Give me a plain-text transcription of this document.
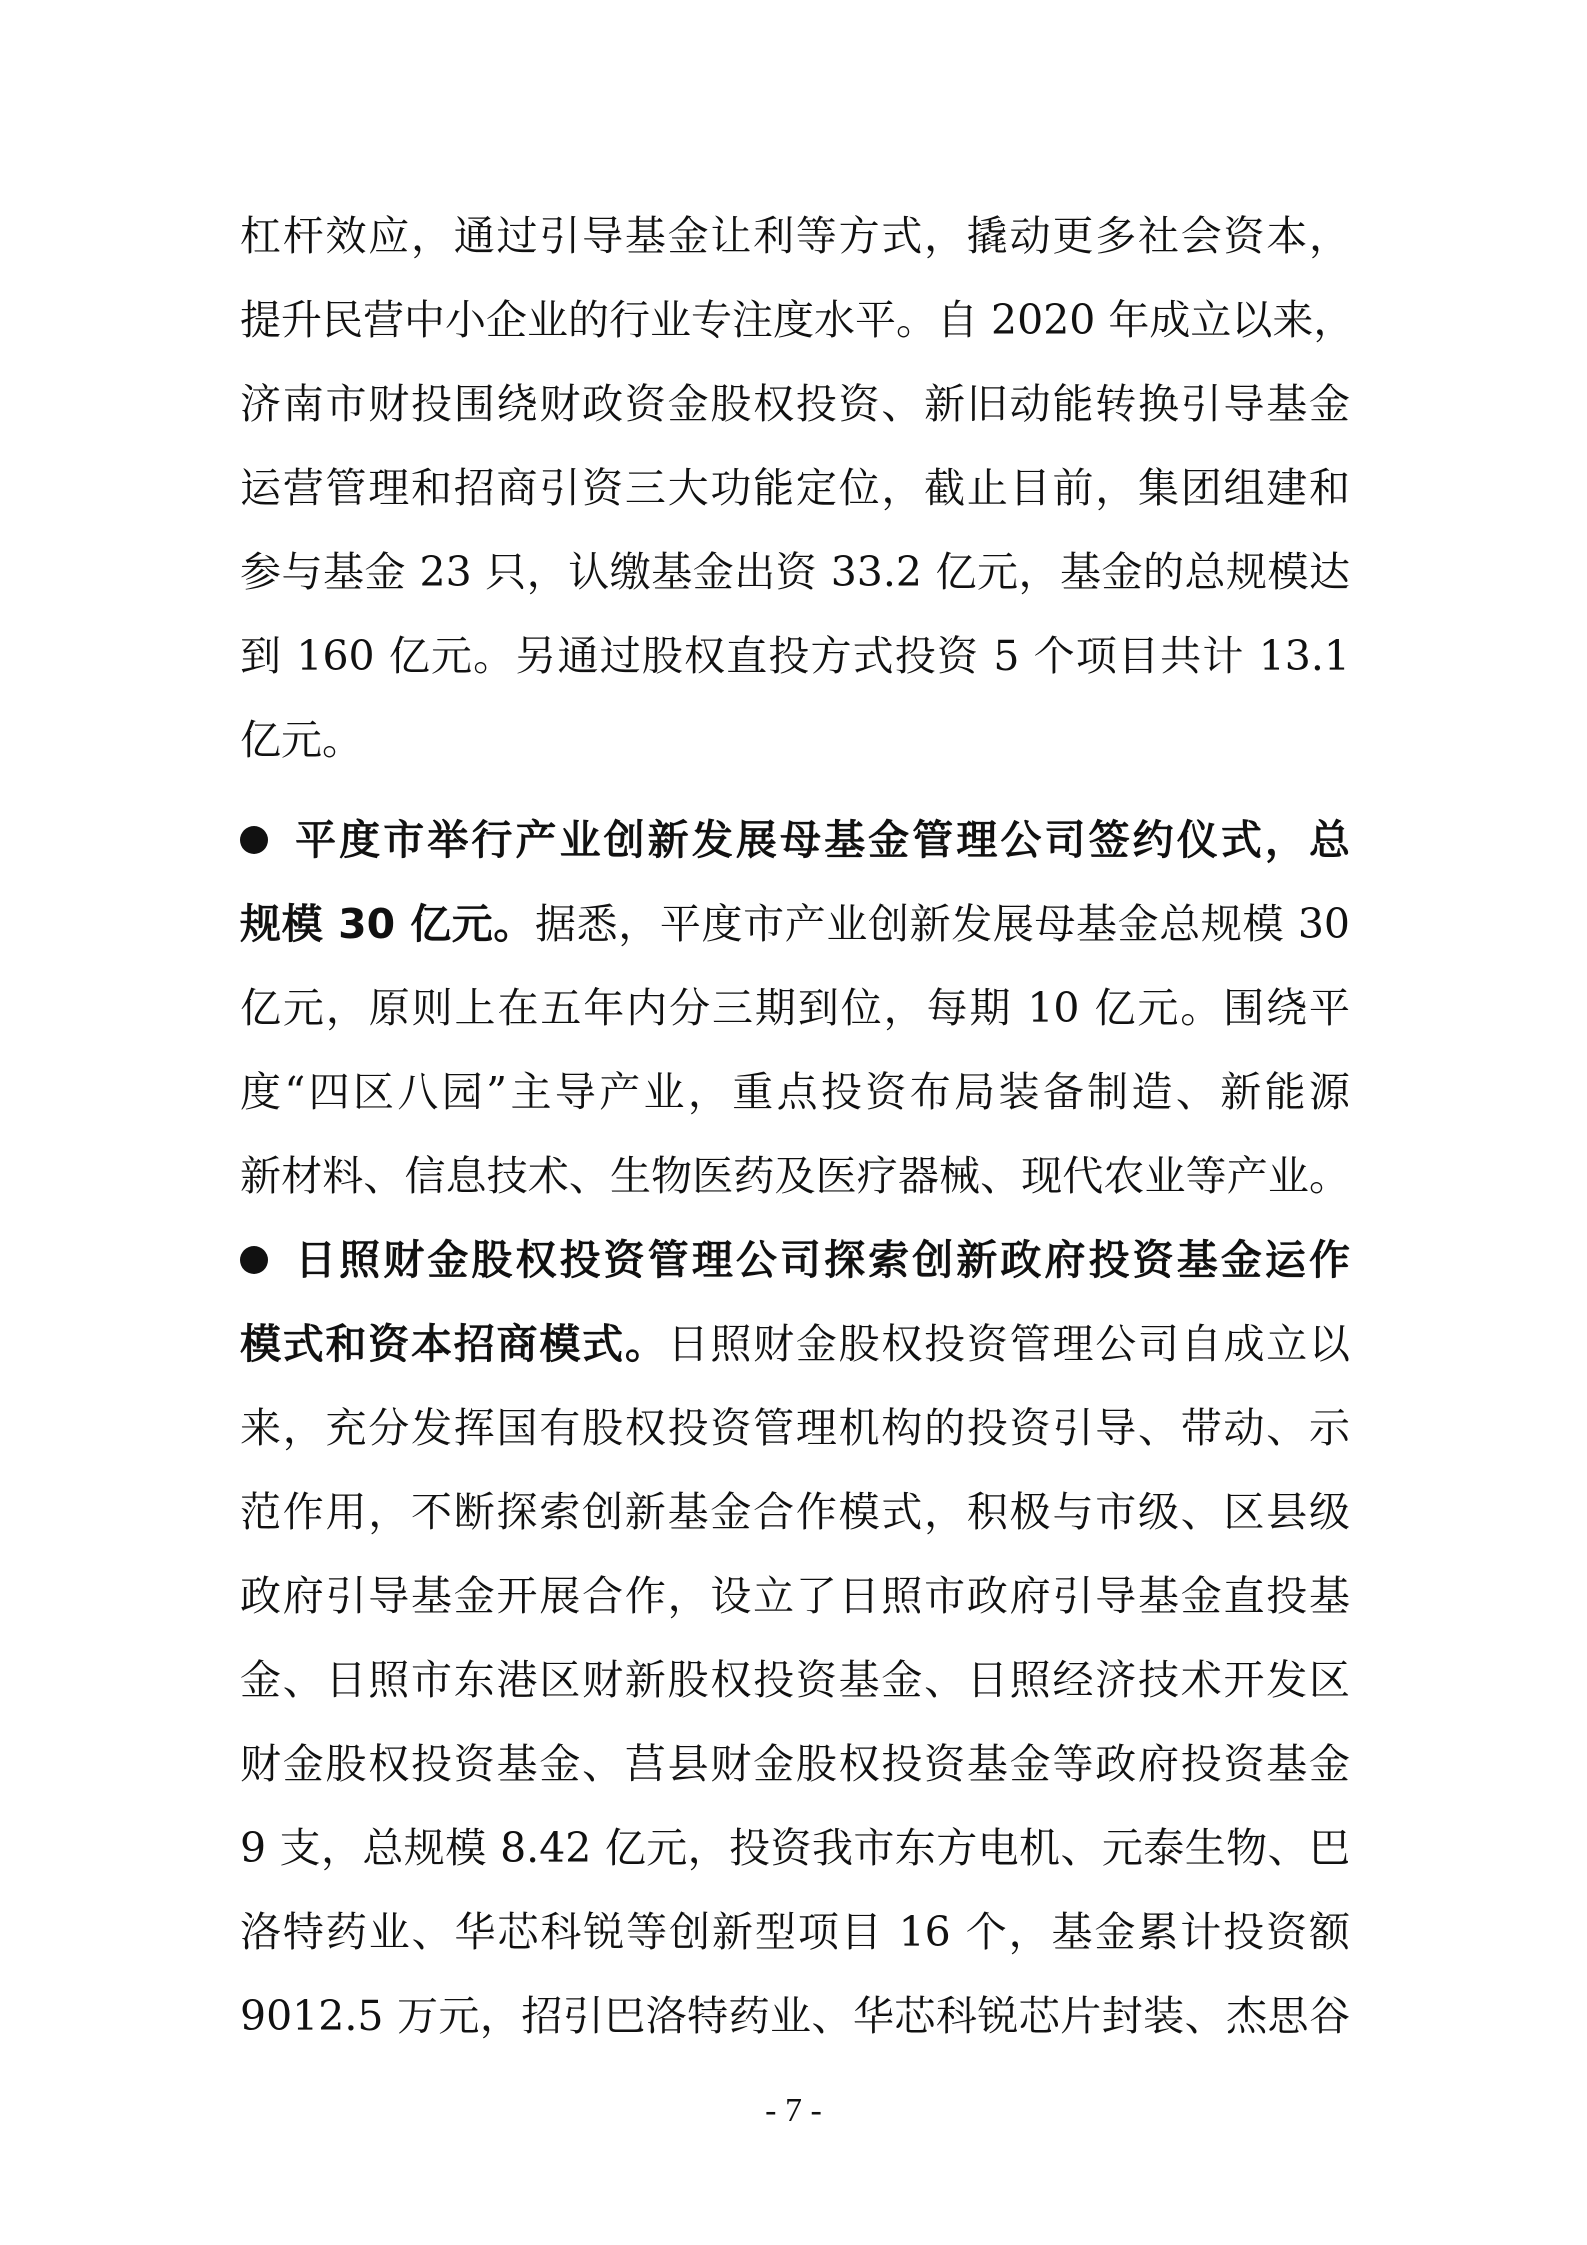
杠杆效应，通过引导基金让利等方式，撬动更多社会资本，
提升民营中小企业的行业专注度水平。自 2020 年成立以来，
济南市财投围绕财政资金股权投资、新旧动能转换引导基金
运营管理和招商引资三大功能定位，截止目前，集团组建和
参与基金 23 只，认缴基金出资 33.2 亿元，基金的总规模达
到 160 亿元。另通过股权直投方式投资 5 个项目共计 13.1
亿元。
平度市举行产业创新发展母基金管理公司签约仪式，总
规模 30 亿元。据悉，平度市产业创新发展母基金总规模 30
亿元，原则上在五年内分三期到位，每期 10 亿元。围绕平
度“四区八园”主导产业，重点投资布局装备制造、新能源
新材料、信息技术、生物医药及医疗器械、现代农业等产业。
日照财金股权投资管理公司探索创新政府投资基金运作
模式和资本招商模式。日照财金股权投资管理公司自成立以
来，充分发挥国有股权投资管理机构的投资引导、带动、示
范作用，不断探索创新基金合作模式，积极与市级、区县级
政府引导基金开展合作，设立了日照市政府引导基金直投基
金、日照市东港区财新股权投资基金、日照经济技术开发区
财金股权投资基金、莒县财金股权投资基金等政府投资基金
9 支，总规模 8.42 亿元，投资我市东方电机、元泰生物、巴
洛特药业、华芯科锐等创新型项目 16 个，基金累计投资额
9012.5 万元，招引巴洛特药业、华芯科锐芯片封装、杰思谷
- 7 -
